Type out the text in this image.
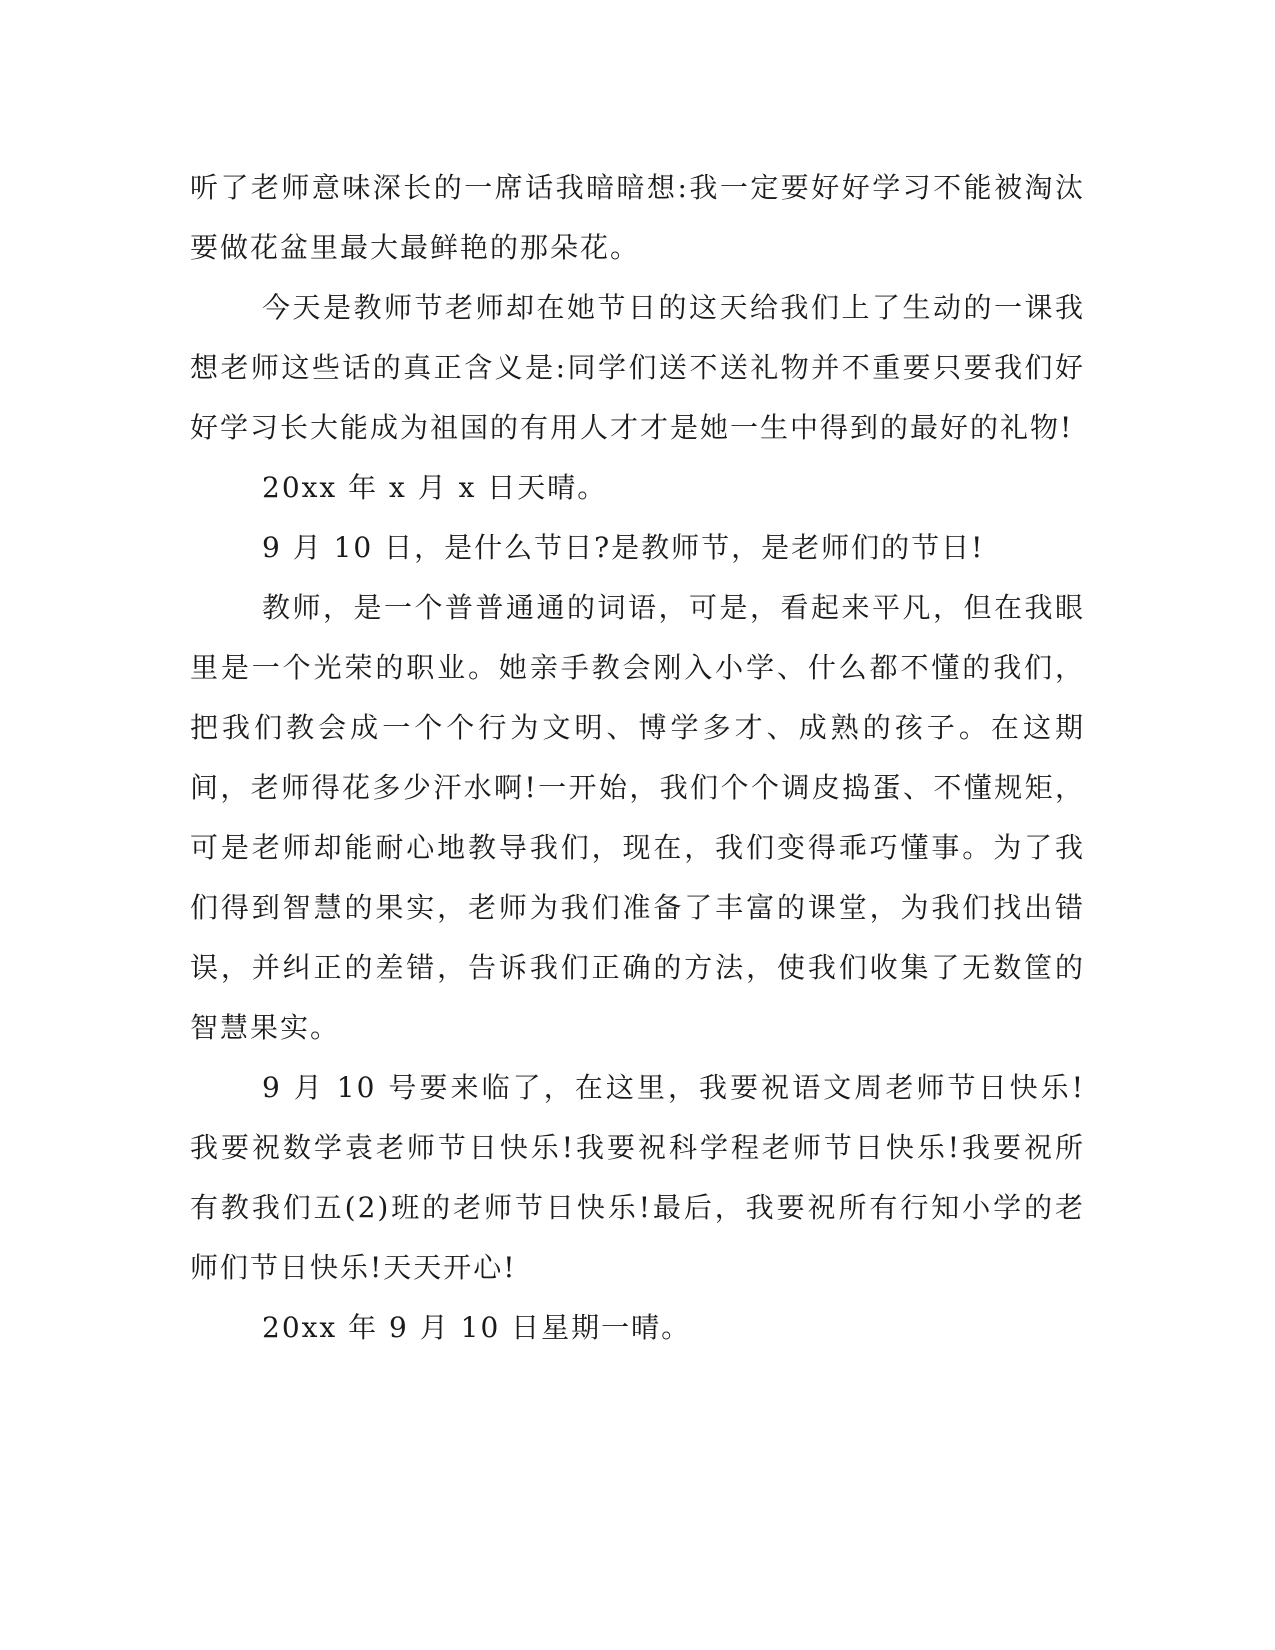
听了老师意味深长的一席话我暗暗想:我一定要好好学习不能被淘汰要做花盆里最大最鲜艳的那朵花。

今天是教师节老师却在她节日的这天给我们上了生动的一课我想老师这些话的真正含义是:同学们送不送礼物并不重要只要我们好好学习长大能成为祖国的有用人才才是她一生中得到的最好的礼物!

20xx 年 x 月 x 日天晴。

9 月 10 日，是什么节日?是教师节，是老师们的节日!

教师，是一个普普通通的词语，可是，看起来平凡，但在我眼里是一个光荣的职业。她亲手教会刚入小学、什么都不懂的我们，把我们教会成一个个行为文明、博学多才、成熟的孩子。在这期间，老师得花多少汗水啊!一开始，我们个个调皮捣蛋、不懂规矩，可是老师却能耐心地教导我们，现在，我们变得乖巧懂事。为了我们得到智慧的果实，老师为我们准备了丰富的课堂，为我们找出错误，并纠正的差错，告诉我们正确的方法，使我们收集了无数筐的智慧果实。

9 月 10 号要来临了，在这里，我要祝语文周老师节日快乐!我要祝数学袁老师节日快乐!我要祝科学程老师节日快乐!我要祝所有教我们五(2)班的老师节日快乐!最后，我要祝所有行知小学的老师们节日快乐!天天开心!

20xx 年 9 月 10 日星期一晴。
